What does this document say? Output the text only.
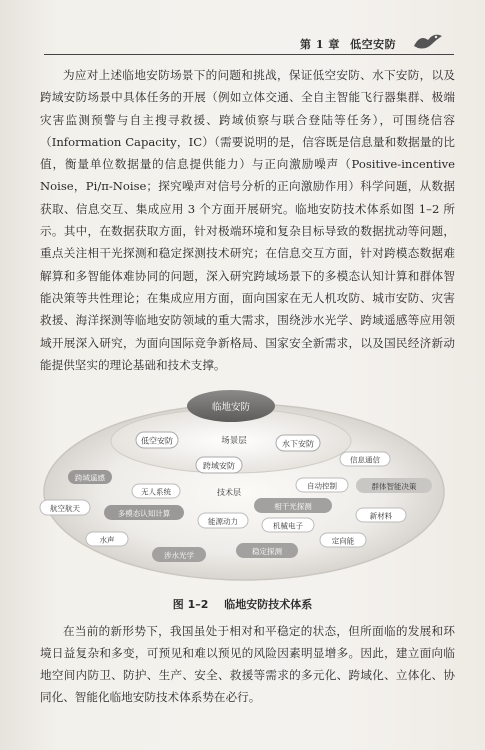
第 1 章 低空安防
为应对上述临地安防场景下的问题和挑战，保证低空安防、水下安防，以及跨域安防场景中具体任务的开展（例如立体交通、全自主智能飞行器集群、极端灾害监测预警与自主搜寻救援、跨域侦察与联合登陆等任务），可围绕信容（Information Capacity，IC）（需要说明的是，信容既是信息量和数据量的比值，衡量单位数据量的信息提供能力）与正向激励噪声（Positive-incentive Noise，Pi/π-Noise；探究噪声对信号分析的正向激励作用）科学问题，从数据获取、信息交互、集成应用 3 个方面开展研究。临地安防技术体系如图 1–2 所示。其中，在数据获取方面，针对极端环境和复杂目标导致的数据扰动等问题，重点关注相干光探测和稳定探测技术研究；在信息交互方面，针对跨模态数据难解算和多智能体难协同的问题，深入研究跨域场景下的多模态认知计算和群体智能决策等共性理论；在集成应用方面，面向国家在无人机攻防、城市安防、灾害救援、海洋探测等临地安防领域的重大需求，围绕涉水光学、跨域遥感等应用领域开展深入研究，为面向国际竞争新格局、国家安全新需求，以及国民经济新动能提供坚实的理论基础和技术支撑。
临地安防
场景层
低空安防	水下安防
跨域安防
技术层
跨域遥感
无人系统
航空航天
多模态认知计算
水声
涉水光学
能源动力
信息通信
自动控制	群体智能决策
相干光探测
机械电子
新材料
定向能
稳定探测
图 1–2 临地安防技术体系
在当前的新形势下，我国虽处于相对和平稳定的状态，但所面临的发展和环境日益复杂和多变，可预见和难以预见的风险因素明显增多。因此，建立面向临地空间内防卫、防护、生产、安全、救援等需求的多元化、跨域化、立体化、协同化、智能化临地安防技术体系势在必行。
